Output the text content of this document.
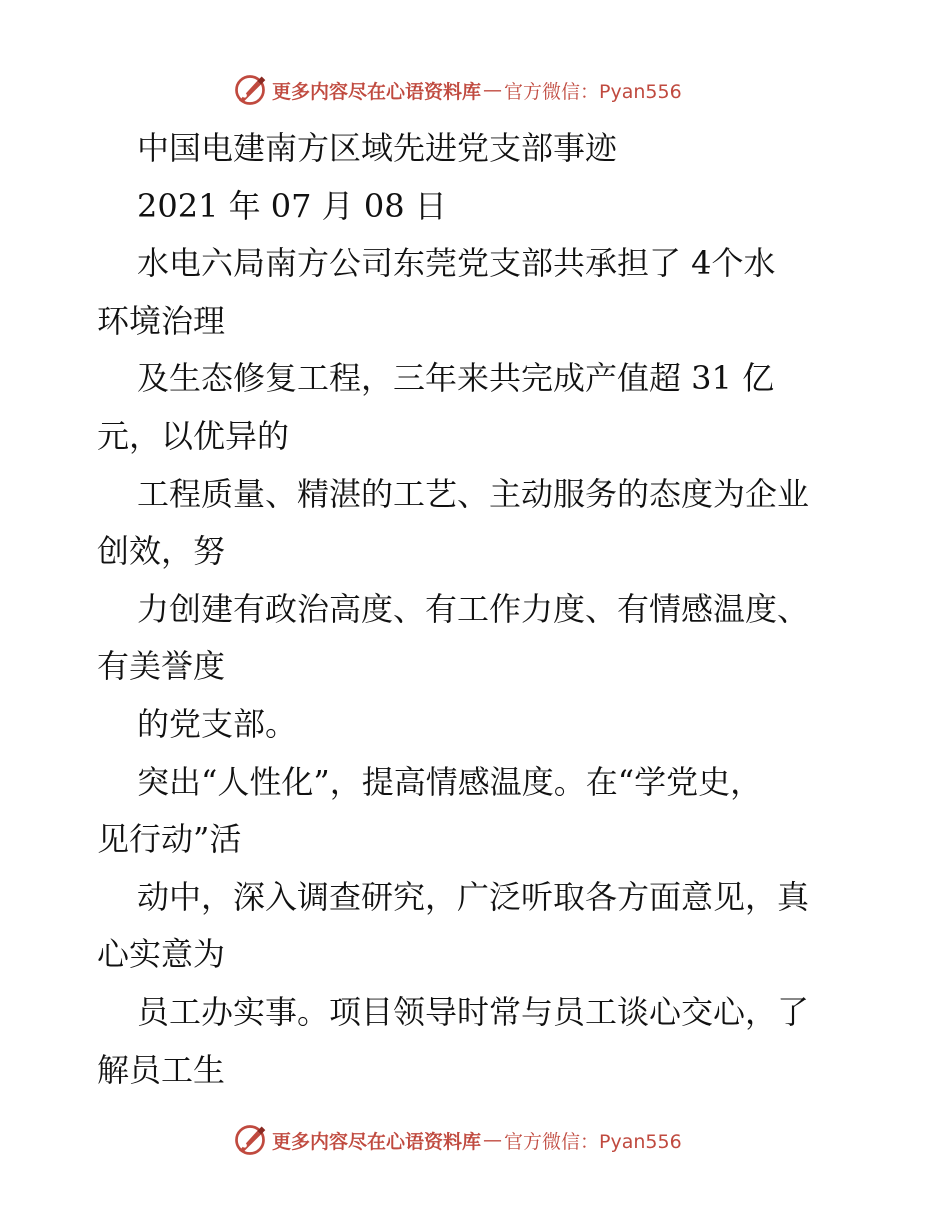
更多内容尽在心语资料库 — 官方微信：Pyan556
中国电建南方区域先进党支部事迹
2021 年 07 月 08 日
水电六局南方公司东莞党支部共承担了 4个水
环境治理
及生态修复工程，三年来共完成产值超 31 亿
元，以优异的
工程质量、精湛的工艺、主动服务的态度为企业
创效，努
力创建有政治高度、有工作力度、有情感温度、
有美誉度
的党支部。
突出“人性化”，提高情感温度。在“学党史，
见行动”活
动中，深入调查研究，广泛听取各方面意见，真
心实意为
员工办实事。项目领导时常与员工谈心交心，了
解员工生
更多内容尽在心语资料库 — 官方微信：Pyan556
